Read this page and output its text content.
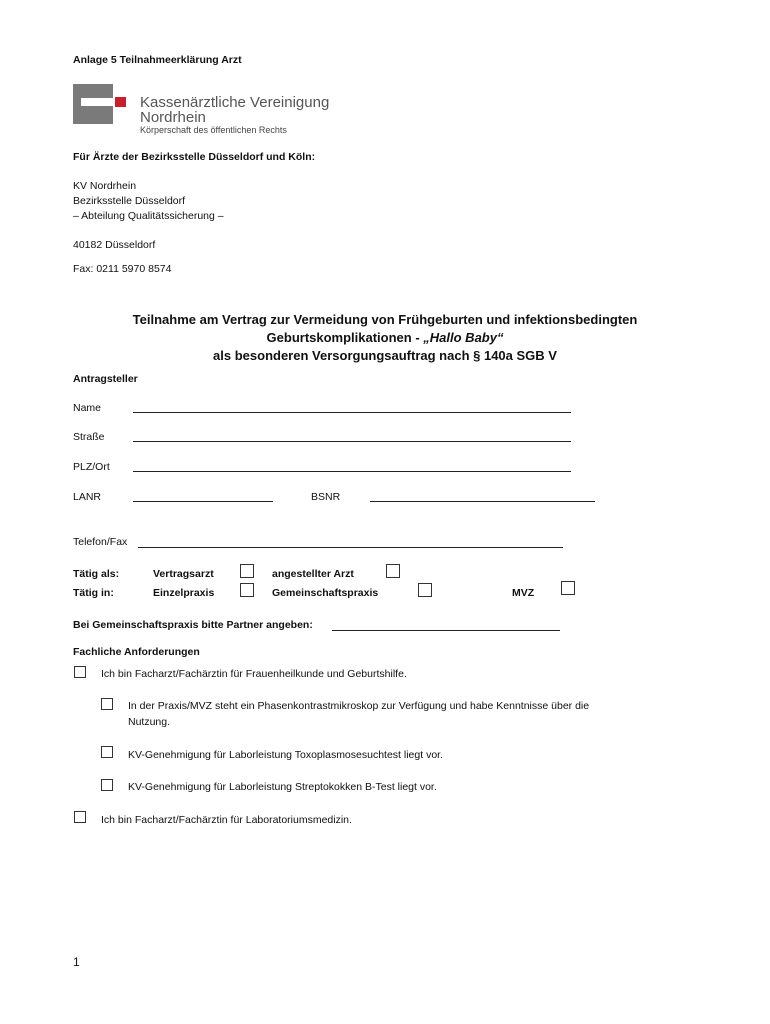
Anlage 5 Teilnahmeerklärung Arzt
Kassenärztliche Vereinigung
Nordrhein
Körperschaft des öffentlichen Rechts
Für Ärzte der Bezirksstelle Düsseldorf und Köln:
KV Nordrhein
Bezirksstelle Düsseldorf
– Abteilung Qualitätssicherung –
40182 Düsseldorf
Fax: 0211 5970 8574
Teilnahme am Vertrag zur Vermeidung von Frühgeburten und infektionsbedingten
Geburtskomplikationen - „Hallo Baby“
als besonderen Versorgungsauftrag nach § 140a SGB V
Antragsteller
Name
Straße
PLZ/Ort
LANR	BSNR
Telefon/Fax
Tätig als:	Vertragsarzt	angestellter Arzt
Tätig in:	Einzelpraxis	Gemeinschaftspraxis	MVZ
Bei Gemeinschaftspraxis bitte Partner angeben:
Fachliche Anforderungen
Ich bin Facharzt/Fachärztin für Frauenheilkunde und Geburtshilfe.
In der Praxis/MVZ steht ein Phasenkontrastmikroskop zur Verfügung und habe Kenntnisse über die
Nutzung.
KV-Genehmigung für Laborleistung Toxoplasmosesuchtest liegt vor.
KV-Genehmigung für Laborleistung Streptokokken B-Test liegt vor.
Ich bin Facharzt/Fachärztin für Laboratoriumsmedizin.
1
